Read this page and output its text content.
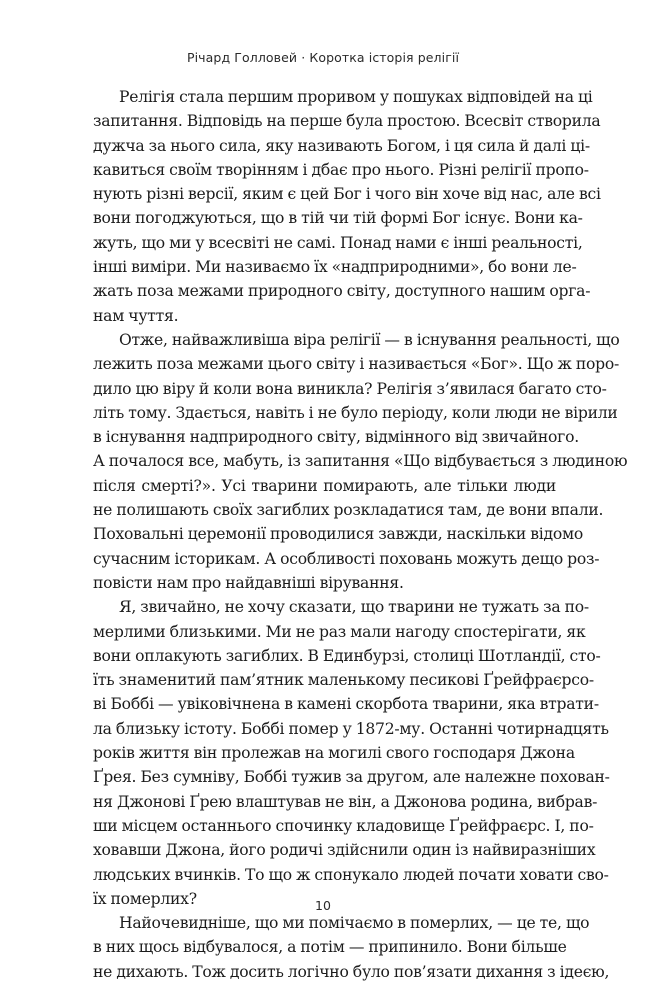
Річард Голловей · Коротка історія релігії

Релігія стала першим проривом у пошуках відповідей на ці
запитання. Відповідь на перше була простою. Всесвіт створила
дужча за нього сила, яку називають Богом, і ця сила й далі ці-
кавиться своїм творінням і дбає про нього. Різні релігії пропо-
нують різні версії, яким є цей Бог і чого він хоче від нас, але всі
вони погоджуються, що в тій чи тій формі Бог існує. Вони ка-
жуть, що ми у всесвіті не самі. Понад нами є інші реальності,
інші виміри. Ми називаємо їх «надприродними», бо вони ле-
жать поза межами природного світу, доступного нашим орга-
нам чуття.

Отже, найважливіша віра релігії — в існування реальності, що
лежить поза межами цього світу і називається «Бог». Що ж поро-
дило цю віру й коли вона виникла? Релігія з’явилася багато сто-
літь тому. Здається, навіть і не було періоду, коли люди не вірили
в існування надприродного світу, відмінного від звичайного.
А почалося все, мабуть, із запитання «Що відбувається з людиною
після смерті?». Усі тварини помирають, але тільки люди
не полишають своїх загиблих розкладатися там, де вони впали.
Поховальні церемонії проводилися завжди, наскільки відомо
сучасним історикам. А особливості поховань можуть дещо роз-
повісти нам про найдавніші вірування.

Я, звичайно, не хочу сказати, що тварини не тужать за по-
мерлими близькими. Ми не раз мали нагоду спостерігати, як
вони оплакують загиблих. В Единбурзі, столиці Шотландії, сто-
їть знаменитий пам’ятник маленькому песикові Ґрейфраєрсо-
ві Боббі — увіковічнена в камені скорбота тварини, яка втрати-
ла близьку істоту. Боббі помер у 1872-му. Останні чотирнадцять
років життя він пролежав на могилі свого господаря Джона
Ґрея. Без сумніву, Боббі тужив за другом, але належне похован-
ня Джонові Ґрею влаштував не він, а Джонова родина, вибрав-
ши місцем останнього спочинку кладовище Ґрейфраєрс. І, по-
ховавши Джона, його родичі здійснили один із найвиразніших
людських вчинків. То що ж спонукало людей почати ховати сво-
їх померлих?

Найочевидніше, що ми помічаємо в померлих, — це те, що
в них щось відбувалося, а потім — припинило. Вони більше
не дихають. Тож досить логічно було пов’язати дихання з ідеєю,

10
